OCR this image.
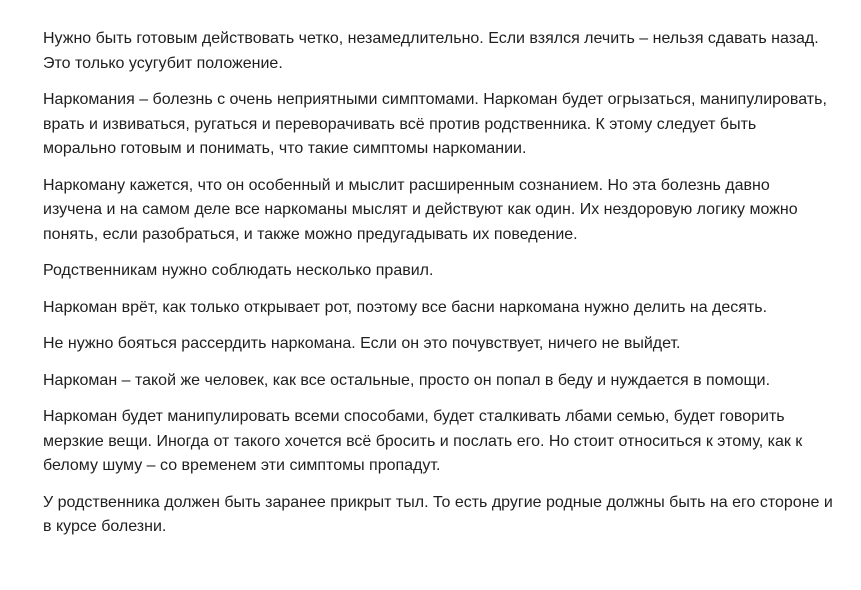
Нужно быть готовым действовать четко, незамедлительно. Если взялся лечить – нельзя сдавать назад. Это только усугубит положение.

Наркомания – болезнь с очень неприятными симптомами. Наркоман будет огрызаться, манипулировать, врать и извиваться, ругаться и переворачивать всё против родственника. К этому следует быть морально готовым и понимать, что такие симптомы наркомании.

Наркоману кажется, что он особенный и мыслит расширенным сознанием. Но эта болезнь давно изучена и на самом деле все наркоманы мыслят и действуют как один. Их нездоровую логику можно понять, если разобраться, и также можно предугадывать их поведение.

Родственникам нужно соблюдать несколько правил.

Наркоман врёт, как только открывает рот, поэтому все басни наркомана нужно делить на десять.

Не нужно бояться рассердить наркомана. Если он это почувствует, ничего не выйдет.

Наркоман – такой же человек, как все остальные, просто он попал в беду и нуждается в помощи.

Наркоман будет манипулировать всеми способами, будет сталкивать лбами семью, будет говорить мерзкие вещи. Иногда от такого хочется всё бросить и послать его. Но стоит относиться к этому, как к белому шуму – со временем эти симптомы пропадут.

У родственника должен быть заранее прикрыт тыл. То есть другие родные должны быть на его стороне и в курсе болезни.
